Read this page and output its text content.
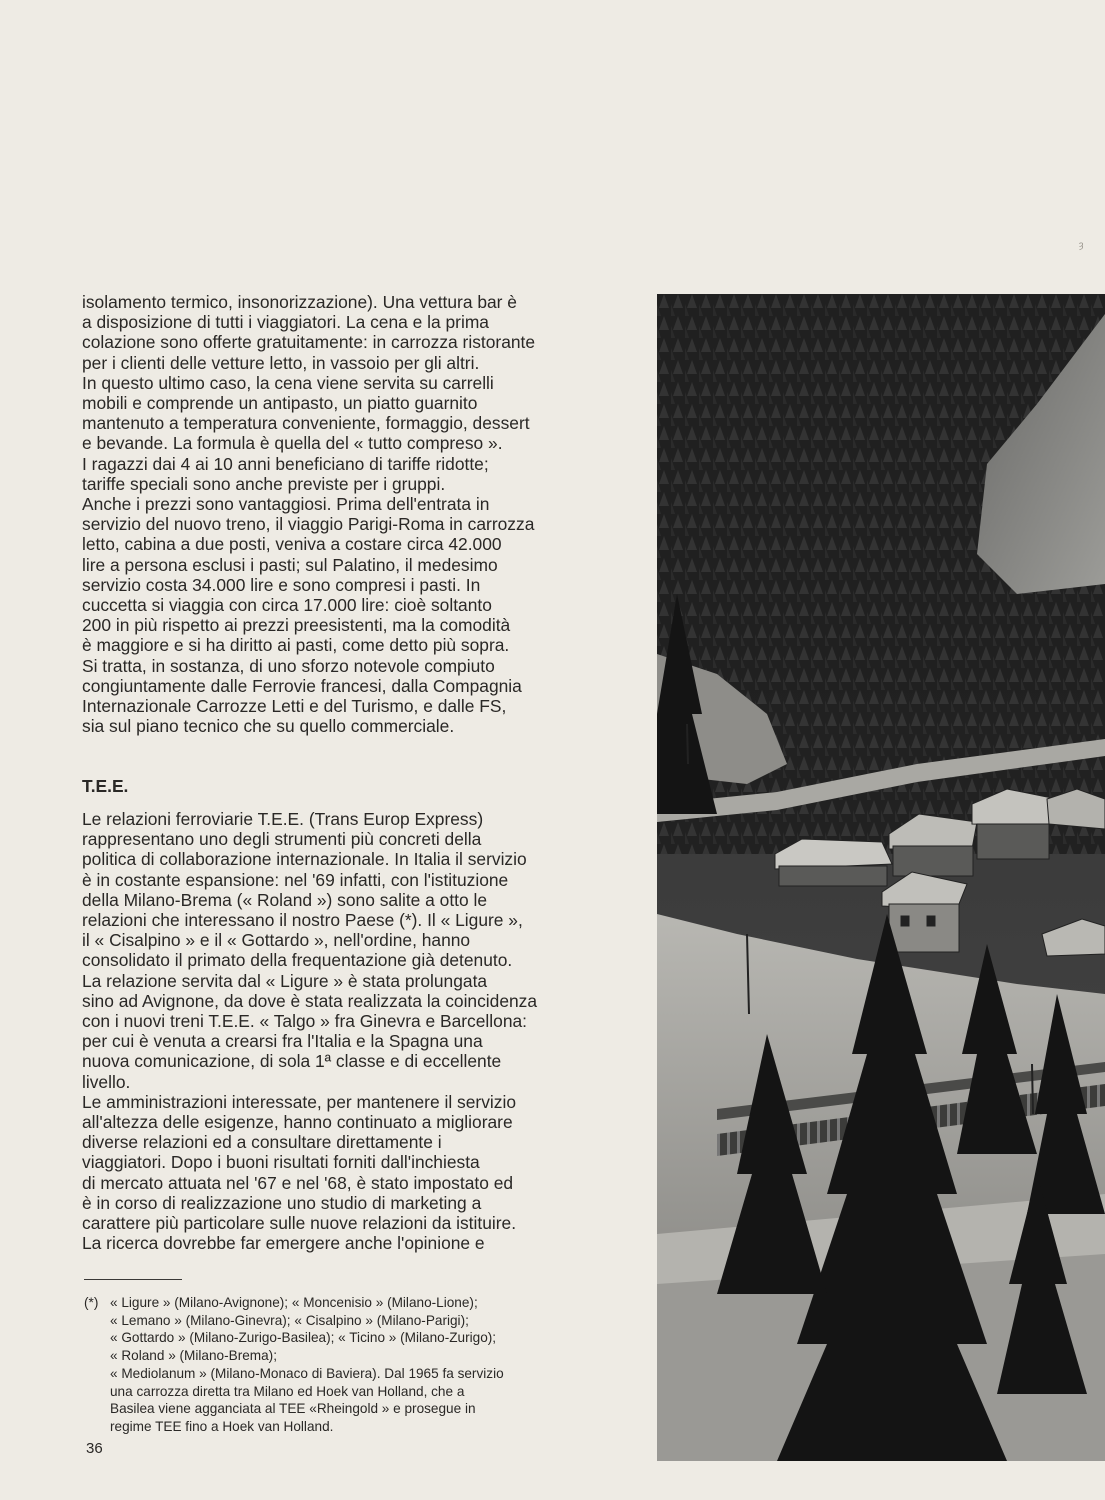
ȝ

isolamento termico, insonorizzazione). Una vettura bar è
a disposizione di tutti i viaggiatori. La cena e la prima
colazione sono offerte gratuitamente: in carrozza ristorante
per i clienti delle vetture letto, in vassoio per gli altri.
In questo ultimo caso, la cena viene servita su carrelli
mobili e comprende un antipasto, un piatto guarnito
mantenuto a temperatura conveniente, formaggio, dessert
e bevande. La formula è quella del « tutto compreso ».
I ragazzi dai 4 ai 10 anni beneficiano di tariffe ridotte;
tariffe speciali sono anche previste per i gruppi.
Anche i prezzi sono vantaggiosi. Prima dell'entrata in
servizio del nuovo treno, il viaggio Parigi-Roma in carrozza
letto, cabina a due posti, veniva a costare circa 42.000
lire a persona esclusi i pasti; sul Palatino, il medesimo
servizio costa 34.000 lire e sono compresi i pasti. In
cuccetta si viaggia con circa 17.000 lire: cioè soltanto
200 in più rispetto ai prezzi preesistenti, ma la comodità
è maggiore e si ha diritto ai pasti, come detto più sopra.
Si tratta, in sostanza, di uno sforzo notevole compiuto
congiuntamente dalle Ferrovie francesi, dalla Compagnia
Internazionale Carrozze Letti e del Turismo, e dalle FS,
sia sul piano tecnico che su quello commerciale.

T.E.E.

Le relazioni ferroviarie T.E.E. (Trans Europ Express)
rappresentano uno degli strumenti più concreti della
politica di collaborazione internazionale. In Italia il servizio
è in costante espansione: nel '69 infatti, con l'istituzione
della Milano-Brema (« Roland ») sono salite a otto le
relazioni che interessano il nostro Paese (*). Il « Ligure »,
il « Cisalpino » e il « Gottardo », nell'ordine, hanno
consolidato il primato della frequentazione già detenuto.
La relazione servita dal « Ligure » è stata prolungata
sino ad Avignone, da dove è stata realizzata la coincidenza
con i nuovi treni T.E.E. « Talgo » fra Ginevra e Barcellona:
per cui è venuta a crearsi fra l'Italia e la Spagna una
nuova comunicazione, di sola 1ª classe e di eccellente
livello.
Le amministrazioni interessate, per mantenere il servizio
all'altezza delle esigenze, hanno continuato a migliorare
diverse relazioni ed a consultare direttamente i
viaggiatori. Dopo i buoni risultati forniti dall'inchiesta
di mercato attuata nel '67 e nel '68, è stato impostato ed
è in corso di realizzazione uno studio di marketing a
carattere più particolare sulle nuove relazioni da istituire.
La ricerca dovrebbe far emergere anche l'opinione e

(*) « Ligure » (Milano-Avignone); « Moncenisio » (Milano-Lione);
« Lemano » (Milano-Ginevra); « Cisalpino » (Milano-Parigi);
« Gottardo » (Milano-Zurigo-Basilea); « Ticino » (Milano-Zurigo);
« Roland » (Milano-Brema);
« Mediolanum » (Milano-Monaco di Baviera). Dal 1965 fa servizio
una carrozza diretta tra Milano ed Hoek van Holland, che a
Basilea viene agganciata al TEE «Rheingold » e prosegue in
regime TEE fino a Hoek van Holland.
36
